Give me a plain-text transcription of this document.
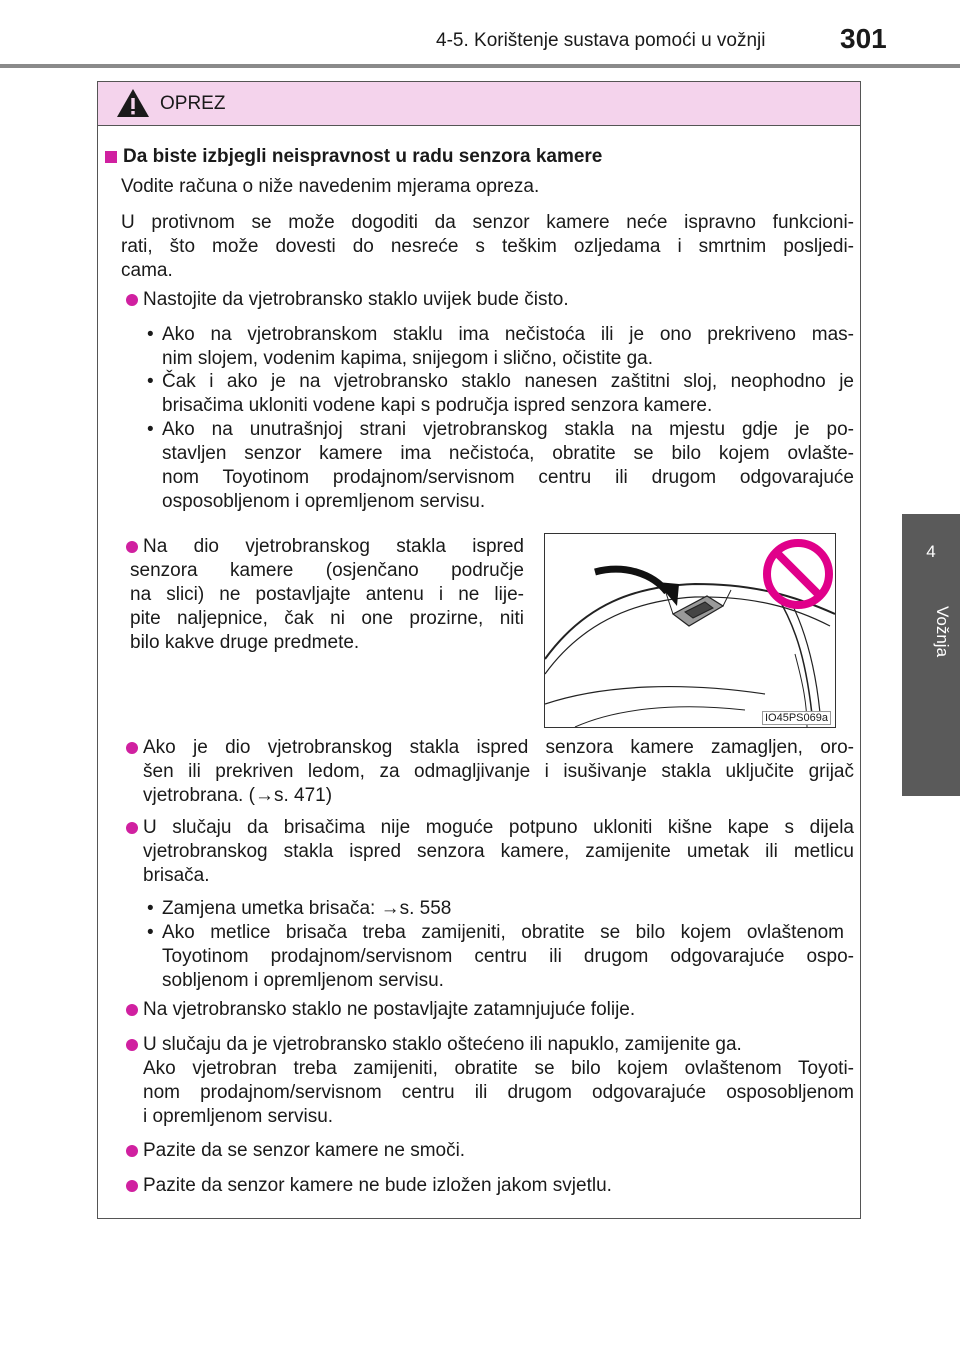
4-5. Korištenje sustava pomoći u vožnji	301
4
Vožnja
OPREZ
Da biste izbjegli neispravnost u radu senzora kamere
Vodite računa o niže navedenim mjerama opreza.
U protivnom se može dogoditi da senzor kamere neće ispravno funkcioni-
rati, što može dovesti do nesreće s teškim ozljedama i smrtnim posljedi-
cama.
Nastojite da vjetrobransko staklo uvijek bude čisto.
• Ako na vjetrobranskom staklu ima nečistoća ili je ono prekriveno mas-
nim slojem, vodenim kapima, snijegom i slično, očistite ga.
• Čak i ako je na vjetrobransko staklo nanesen zaštitni sloj, neophodno je
brisačima ukloniti vodene kapi s područja ispred senzora kamere.
• Ako na unutrašnjoj strani vjetrobranskog stakla na mjestu gdje je po-
stavljen senzor kamere ima nečistoća, obratite se bilo kojem ovlašte-
nom Toyotinom prodajnom/servisnom centru ili drugom odgovarajuće
osposobljenom i opremljenom servisu.
Na dio vjetrobranskog stakla ispred
senzora kamere (osjenčano područje
na slici) ne postavljajte antenu i ne lije-
pite naljepnice, čak ni one prozirne, niti
bilo kakve druge predmete.
IO45PS069a
Ako je dio vjetrobranskog stakla ispred senzora kamere zamagljen, oro-
šen ili prekriven ledom, za odmagljivanje i isušivanje stakla uključite grijač
vjetrobrana. (→s. 471)
U slučaju da brisačima nije moguće potpuno ukloniti kišne kape s dijela
vjetrobranskog stakla ispred senzora kamere, zamijenite umetak ili metlicu
brisača.
• Zamjena umetka brisača: →s. 558
• Ako metlice brisača treba zamijeniti, obratite se bilo kojem ovlaštenom
Toyotinom prodajnom/servisnom centru ili drugom odgovarajuće ospo-
sobljenom i opremljenom servisu.
Na vjetrobransko staklo ne postavljajte zatamnjujuće folije.
U slučaju da je vjetrobransko staklo oštećeno ili napuklo, zamijenite ga.
Ako vjetrobran treba zamijeniti, obratite se bilo kojem ovlaštenom Toyoti-
nom prodajnom/servisnom centru ili drugom odgovarajuće osposobljenom
i opremljenom servisu.
Pazite da se senzor kamere ne smoči.
Pazite da senzor kamere ne bude izložen jakom svjetlu.
